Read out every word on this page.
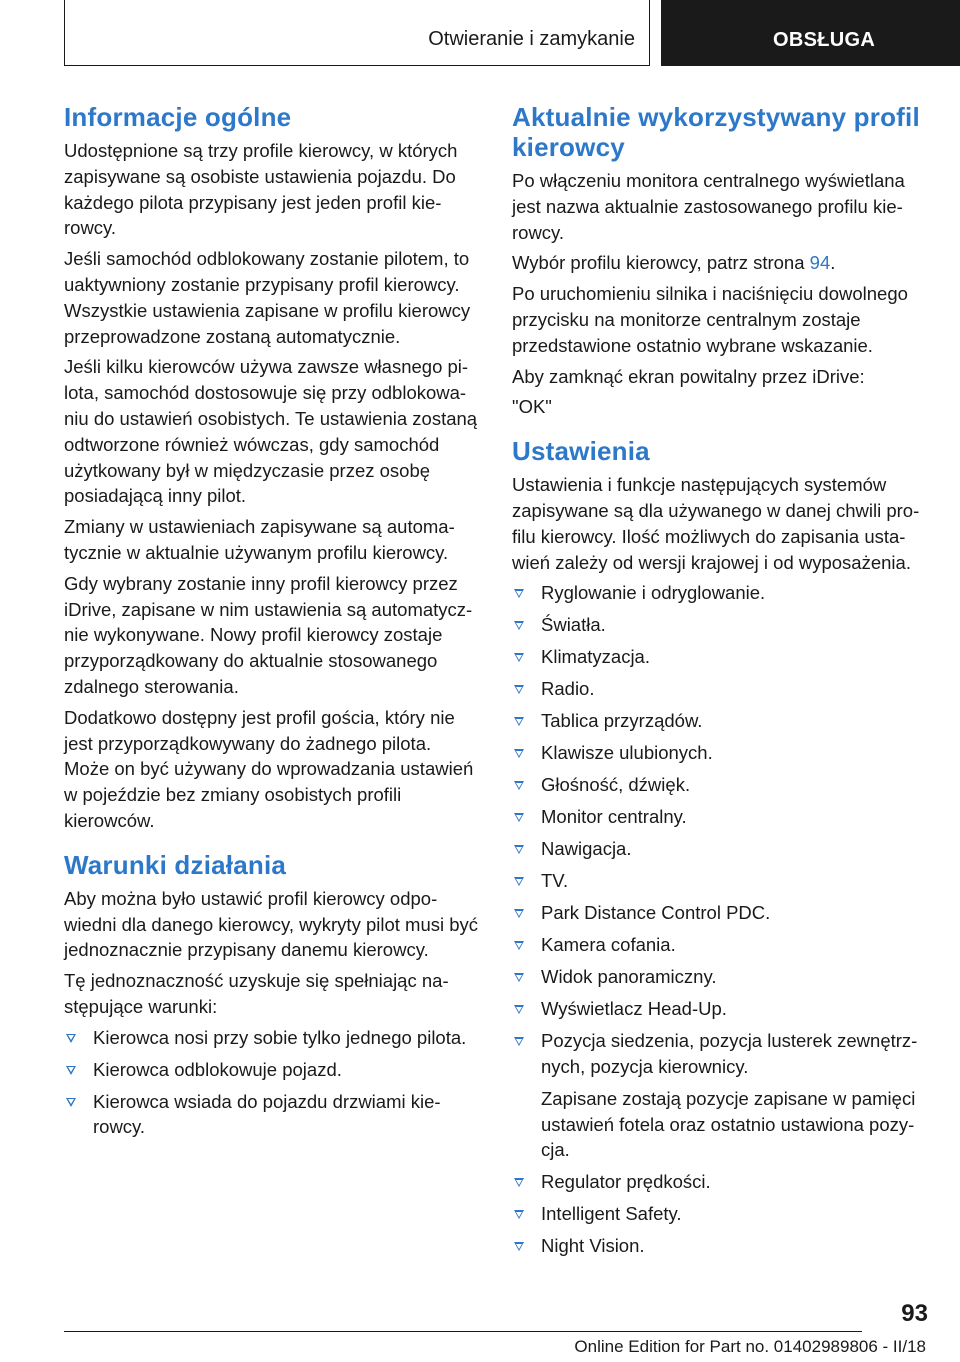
Otwieranie i zamykanie	OBSŁUGA
Informacje ogólne

Udostępnione są trzy profile kierowcy, w których zapisywane są osobiste ustawienia pojazdu. Do każdego pilota przypisany jest jeden profil kierowcy.

Jeśli samochód odblokowany zostanie pilotem, to uaktywniony zostanie przypisany profil kierowcy. Wszystkie ustawienia zapisane w profilu kierowcy przeprowadzone zostaną automatycznie.

Jeśli kilku kierowców używa zawsze własnego pilota, samochód dostosowuje się przy odblokowaniu do ustawień osobistych. Te ustawienia zostaną odtworzone również wówczas, gdy samochód użytkowany był w międzyczasie przez osobę posiadającą inny pilot.

Zmiany w ustawieniach zapisywane są automatycznie w aktualnie używanym profilu kierowcy.

Gdy wybrany zostanie inny profil kierowcy przez iDrive, zapisane w nim ustawienia są automatycznie wykonywane. Nowy profil kierowcy zostaje przyporządkowany do aktualnie stosowanego zdalnego sterowania.

Dodatkowo dostępny jest profil gościa, który nie jest przyporządkowywany do żadnego pilota. Może on być używany do wprowadzania ustawień w pojeździe bez zmiany osobistych profili kierowców.

Warunki działania

Aby można było ustawić profil kierowcy odpowiedni dla danego kierowcy, wykryty pilot musi być jednoznacznie przypisany danemu kierowcy.

Tę jednoznaczność uzyskuje się spełniając następujące warunki:

Kierowca nosi przy sobie tylko jednego pilota.
Kierowca odblokowuje pojazd.
Kierowca wsiada do pojazdu drzwiami kierowcy.
Aktualnie wykorzystywany profil kierowcy

Po włączeniu monitora centralnego wyświetlana jest nazwa aktualnie zastosowanego profilu kierowcy.

Wybór profilu kierowcy, patrz strona 94.

Po uruchomieniu silnika i naciśnięciu dowolnego przycisku na monitorze centralnym zostaje przedstawione ostatnio wybrane wskazanie.

Aby zamknąć ekran powitalny przez iDrive:

"OK"

Ustawienia

Ustawienia i funkcje następujących systemów zapisywane są dla używanego w danej chwili profilu kierowcy. Ilość możliwych do zapisania ustawień zależy od wersji krajowej i od wyposażenia.

Ryglowanie i odryglowanie.
Światła.
Klimatyzacja.
Radio.
Tablica przyrządów.
Klawisze ulubionych.
Głośność, dźwięk.
Monitor centralny.
Nawigacja.
TV.
Park Distance Control PDC.
Kamera cofania.
Widok panoramiczny.
Wyświetlacz Head-Up.
Pozycja siedzenia, pozycja lusterek zewnętrznych, pozycja kierownicy.

Zapisane zostają pozycje zapisane w pamięci ustawień fotela oraz ostatnio ustawiona pozycja.

Regulator prędkości.
Intelligent Safety.
Night Vision.
93
Online Edition for Part no. 01402989806 - II/18
